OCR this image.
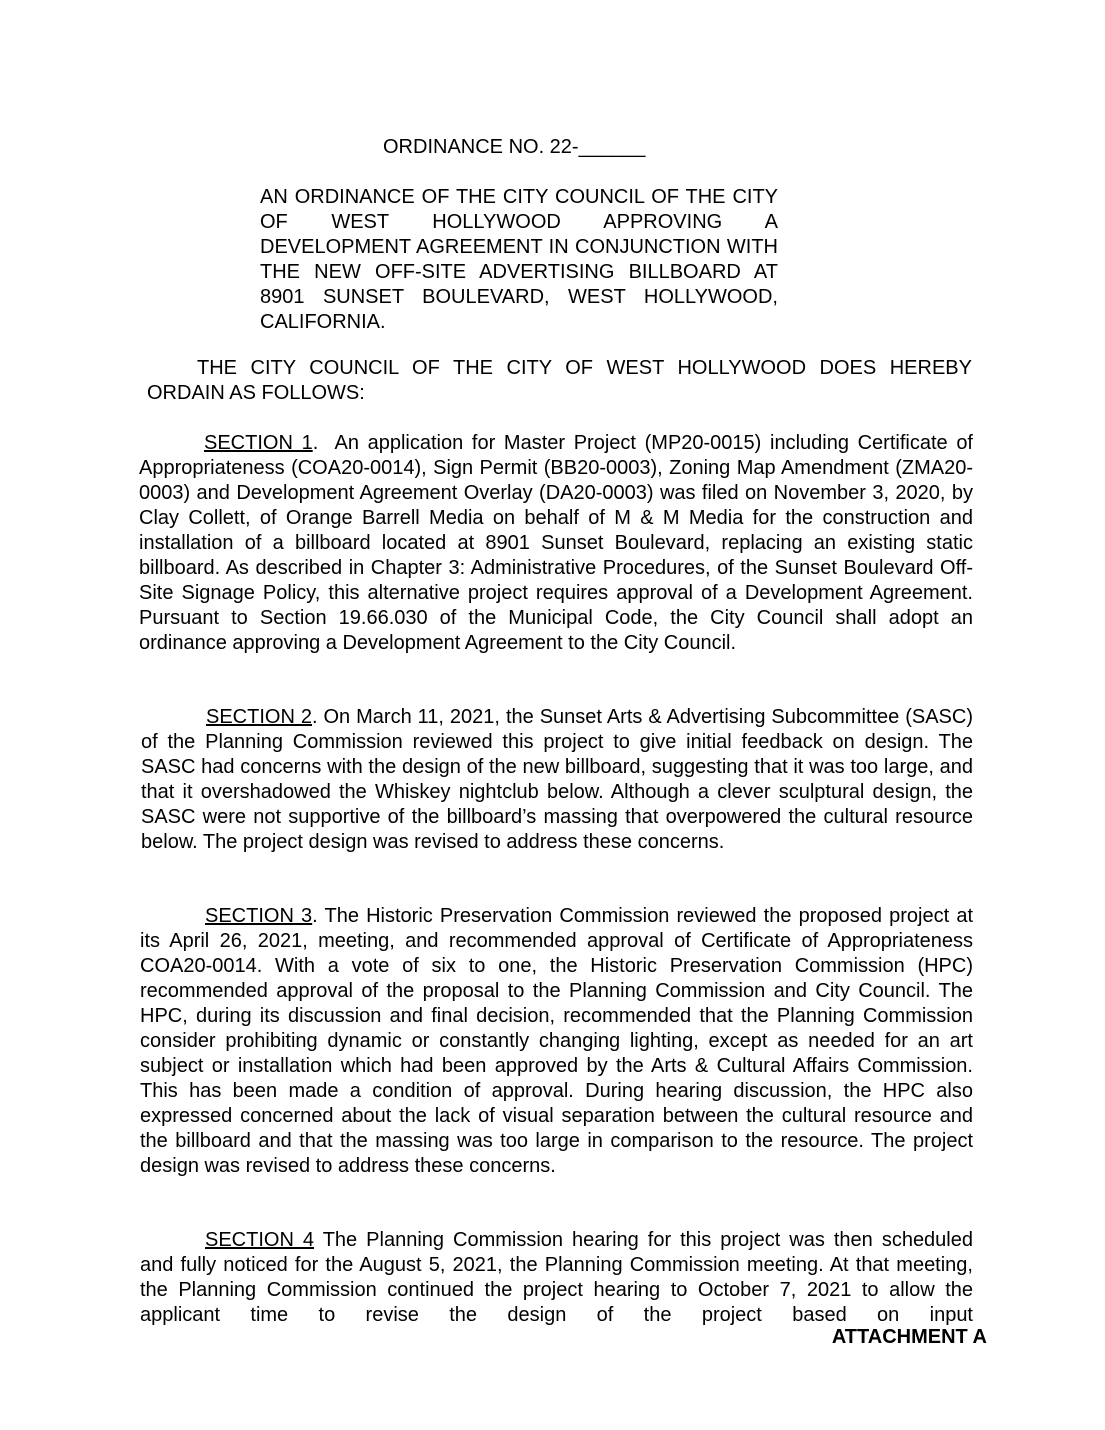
ORDINANCE NO. 22-______
AN ORDINANCE OF THE CITY COUNCIL OF THE CITY OF WEST HOLLYWOOD APPROVING A DEVELOPMENT AGREEMENT IN CONJUNCTION WITH THE NEW OFF-SITE ADVERTISING BILLBOARD AT 8901 SUNSET BOULEVARD, WEST HOLLYWOOD, CALIFORNIA.
THE CITY COUNCIL OF THE CITY OF WEST HOLLYWOOD DOES HEREBY ORDAIN AS FOLLOWS:

SECTION 1.  An application for Master Project (MP20-0015) including Certificate of Appropriateness (COA20-0014), Sign Permit (BB20-0003), Zoning Map Amendment (ZMA20-0003) and Development Agreement Overlay (DA20-0003) was filed on November 3, 2020, by Clay Collett, of Orange Barrell Media on behalf of M & M Media for the construction and installation of a billboard located at 8901 Sunset Boulevard, replacing an existing static billboard. As described in Chapter 3: Administrative Procedures, of the Sunset Boulevard Off-Site Signage Policy, this alternative project requires approval of a Development Agreement. Pursuant to Section 19.66.030 of the Municipal Code, the City Council shall adopt an ordinance approving a Development Agreement to the City Council.

SECTION 2. On March 11, 2021, the Sunset Arts & Advertising Subcommittee (SASC) of the Planning Commission reviewed this project to give initial feedback on design. The SASC had concerns with the design of the new billboard, suggesting that it was too large, and that it overshadowed the Whiskey nightclub below. Although a clever sculptural design, the SASC were not supportive of the billboard’s massing that overpowered the cultural resource below. The project design was revised to address these concerns.

SECTION 3. The Historic Preservation Commission reviewed the proposed project at its April 26, 2021, meeting, and recommended approval of Certificate of Appropriateness COA20-0014. With a vote of six to one, the Historic Preservation Commission (HPC) recommended approval of the proposal to the Planning Commission and City Council. The HPC, during its discussion and final decision, recommended that the Planning Commission consider prohibiting dynamic or constantly changing lighting, except as needed for an art subject or installation which had been approved by the Arts & Cultural Affairs Commission. This has been made a condition of approval. During hearing discussion, the HPC also expressed concerned about the lack of visual separation between the cultural resource and the billboard and that the massing was too large in comparison to the resource. The project design was revised to address these concerns.

SECTION 4 The Planning Commission hearing for this project was then scheduled and fully noticed for the August 5, 2021, the Planning Commission meeting. At that meeting, the Planning Commission continued the project hearing to October 7, 2021 to allow the applicant time to revise the design of the project based on input

ATTACHMENT A
